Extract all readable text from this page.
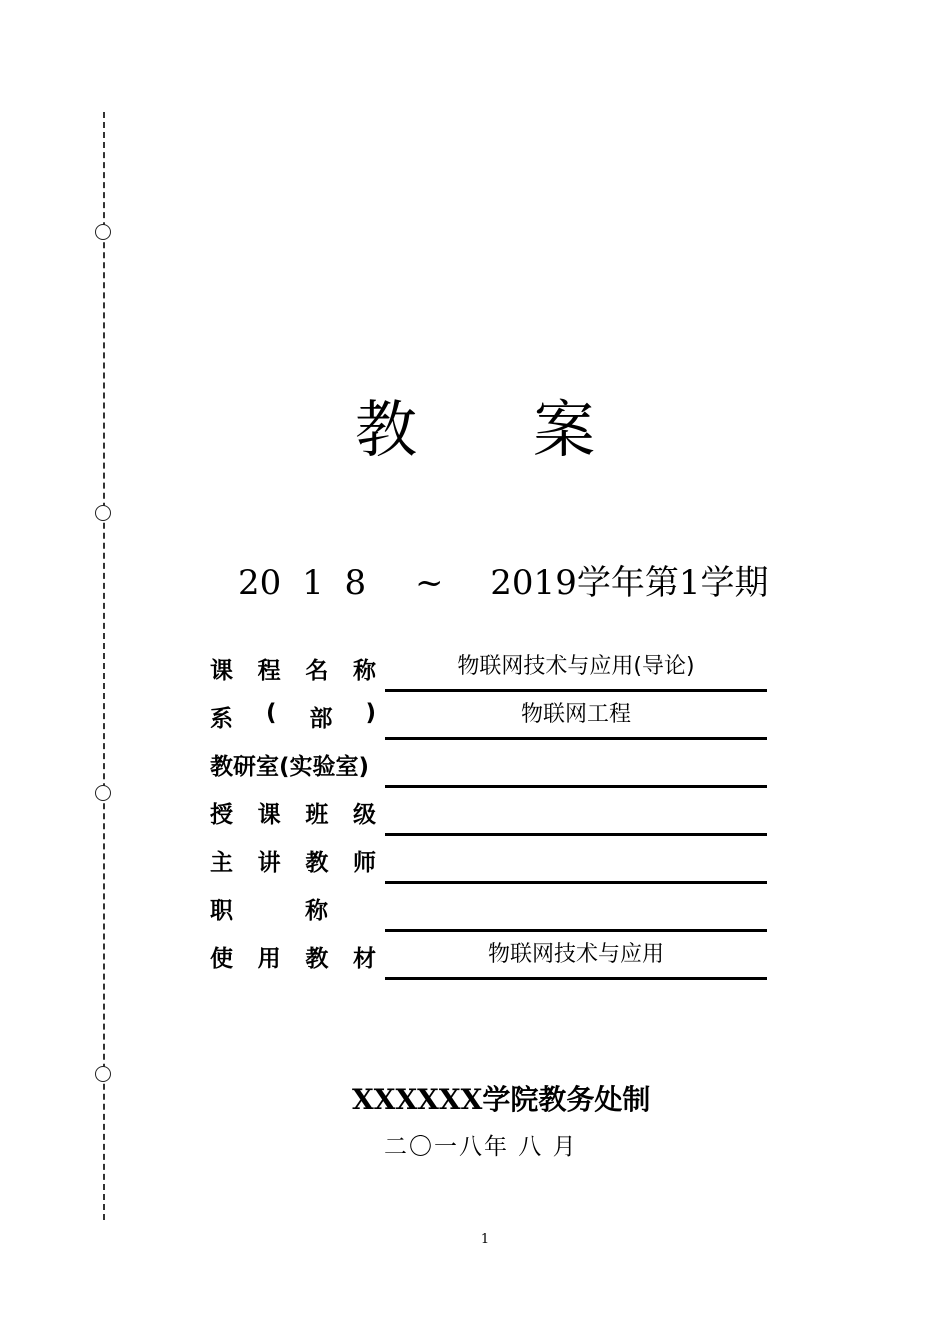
教 案
20 1 8 ~ 2019学年第1学期
课 程 名 称	物联网技术与应用(导论)
系 ( 部 )	物联网工程
教研室(实验室)
授 课 班 级
主 讲 教 师
职	称
使 用 教 材	物联网技术与应用
XXXXXX学院教务处制
二〇一八年 八 月
1
